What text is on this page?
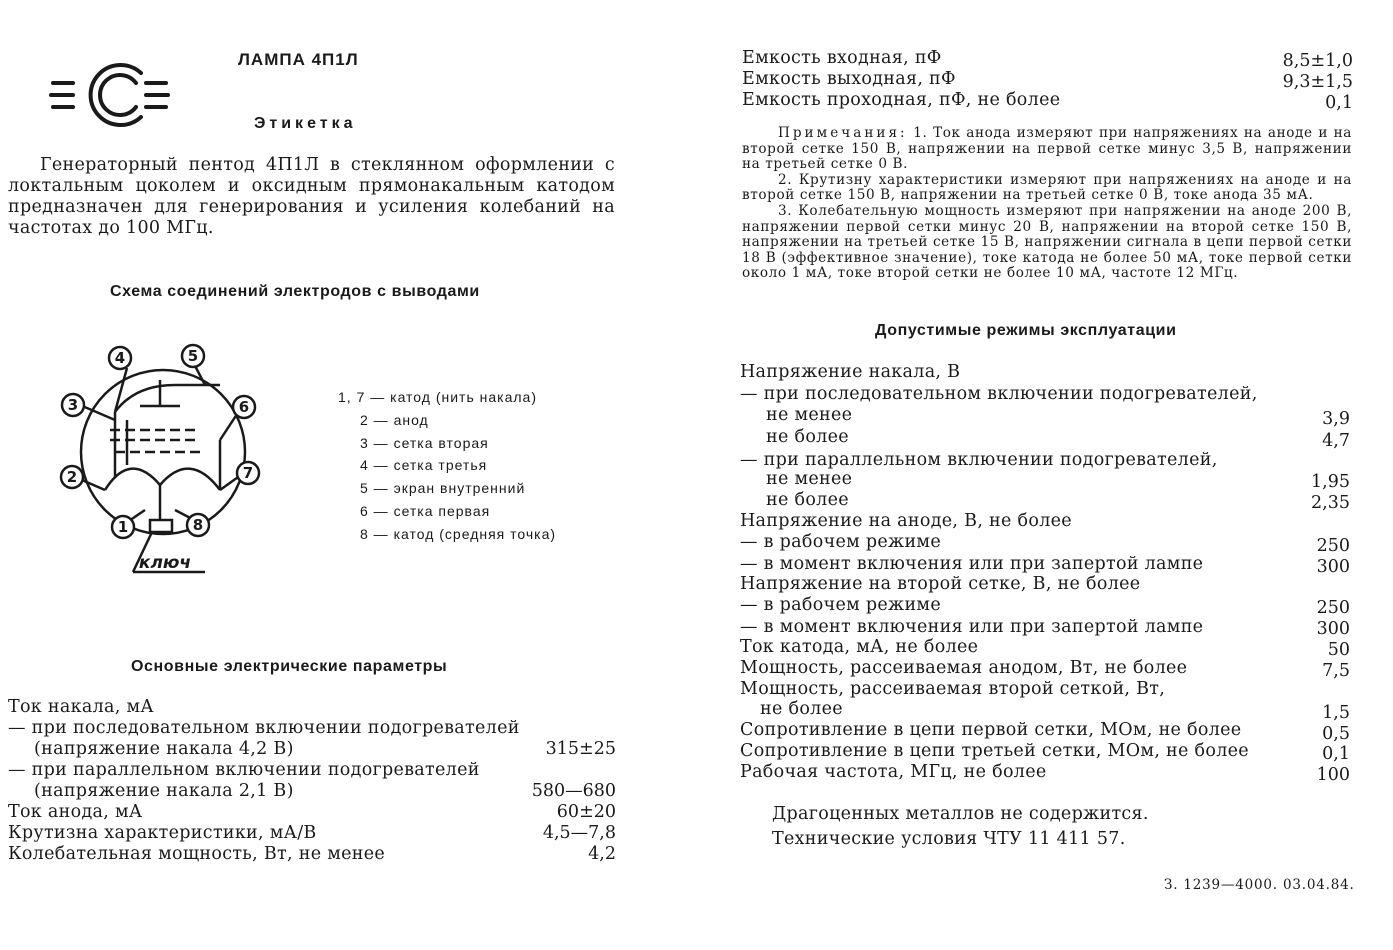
ЛАМПА 4П1Л
Этикетка
Генераторный пентод 4П1Л в стеклянном оформлении с локтальным цоколем и оксидным прямонакальным катодом предназначен для генерирования и усиления колебаний на частотах до 100 МГц.
Схема соединений электродов с выводами
4	5
3	6
2	7
1	8
ключ
1, 7 — катод (нить накала)
2 — анод
3 — сетка вторая
4 — сетка третья
5 — экран внутренний
6 — сетка первая
8 — катод (средняя точка)
Основные электрические параметры
Ток накала, мА
— при последовательном включении подогревателей
(напряжение накала 4,2 В)	315±25
— при параллельном включении подогревателей
(напряжение накала 2,1 В)	580—680
Ток анода, мА	60±20
Крутизна характеристики, мА/В	4,5—7,8
Колебательная мощность, Вт, не менее	4,2
Емкость входная, пФ	8,5±1,0
Емкость выходная, пФ	9,3±1,5
Емкость проходная, пФ, не более	0,1

Примечания: 1. Ток анода измеряют при напряжениях на аноде и на второй сетке 150 В, напряжении на первой сетке минус 3,5 В, напряжении на третьей сетке 0 В.

2. Крутизну характеристики измеряют при напряжениях на аноде и на второй сетке 150 В, напряжении на третьей сетке 0 В, токе анода 35 мА.

3. Колебательную мощность измеряют при напряжении на аноде 200 В, напряжении первой сетки минус 20 В, напряжении на второй сетке 150 В, напряжении на третьей сетке 15 В, напряжении сигнала в цепи первой сетки 18 В (эффективное значение), токе катода не более 50 мА, токе первой сетки около 1 мА, токе второй сетки не более 10 мА, частоте 12 МГц.

Допустимые режимы эксплуатации
Напряжение накала, В
— при последовательном включении подогревателей,
не менее	3,9
не более	4,7
— при параллельном включении подогревателей,
не менее	1,95
не более	2,35
Напряжение на аноде, В, не более
— в рабочем режиме	250
— в момент включения или при запертой лампе	300
Напряжение на второй сетке, В, не более
— в рабочем режиме	250
— в момент включения или при запертой лампе	300
Ток катода, мА, не более	50
Мощность, рассеиваемая анодом, Вт, не более	7,5
Мощность, рассеиваемая второй сеткой, Вт,
не более	1,5
Сопротивление в цепи первой сетки, МОм, не более	0,5
Сопротивление в цепи третьей сетки, МОм, не более	0,1
Рабочая частота, МГц, не более	100
Драгоценных металлов не содержится.
Технические условия ЧТУ 11 411 57.
З. 1239—4000. 03.04.84.
